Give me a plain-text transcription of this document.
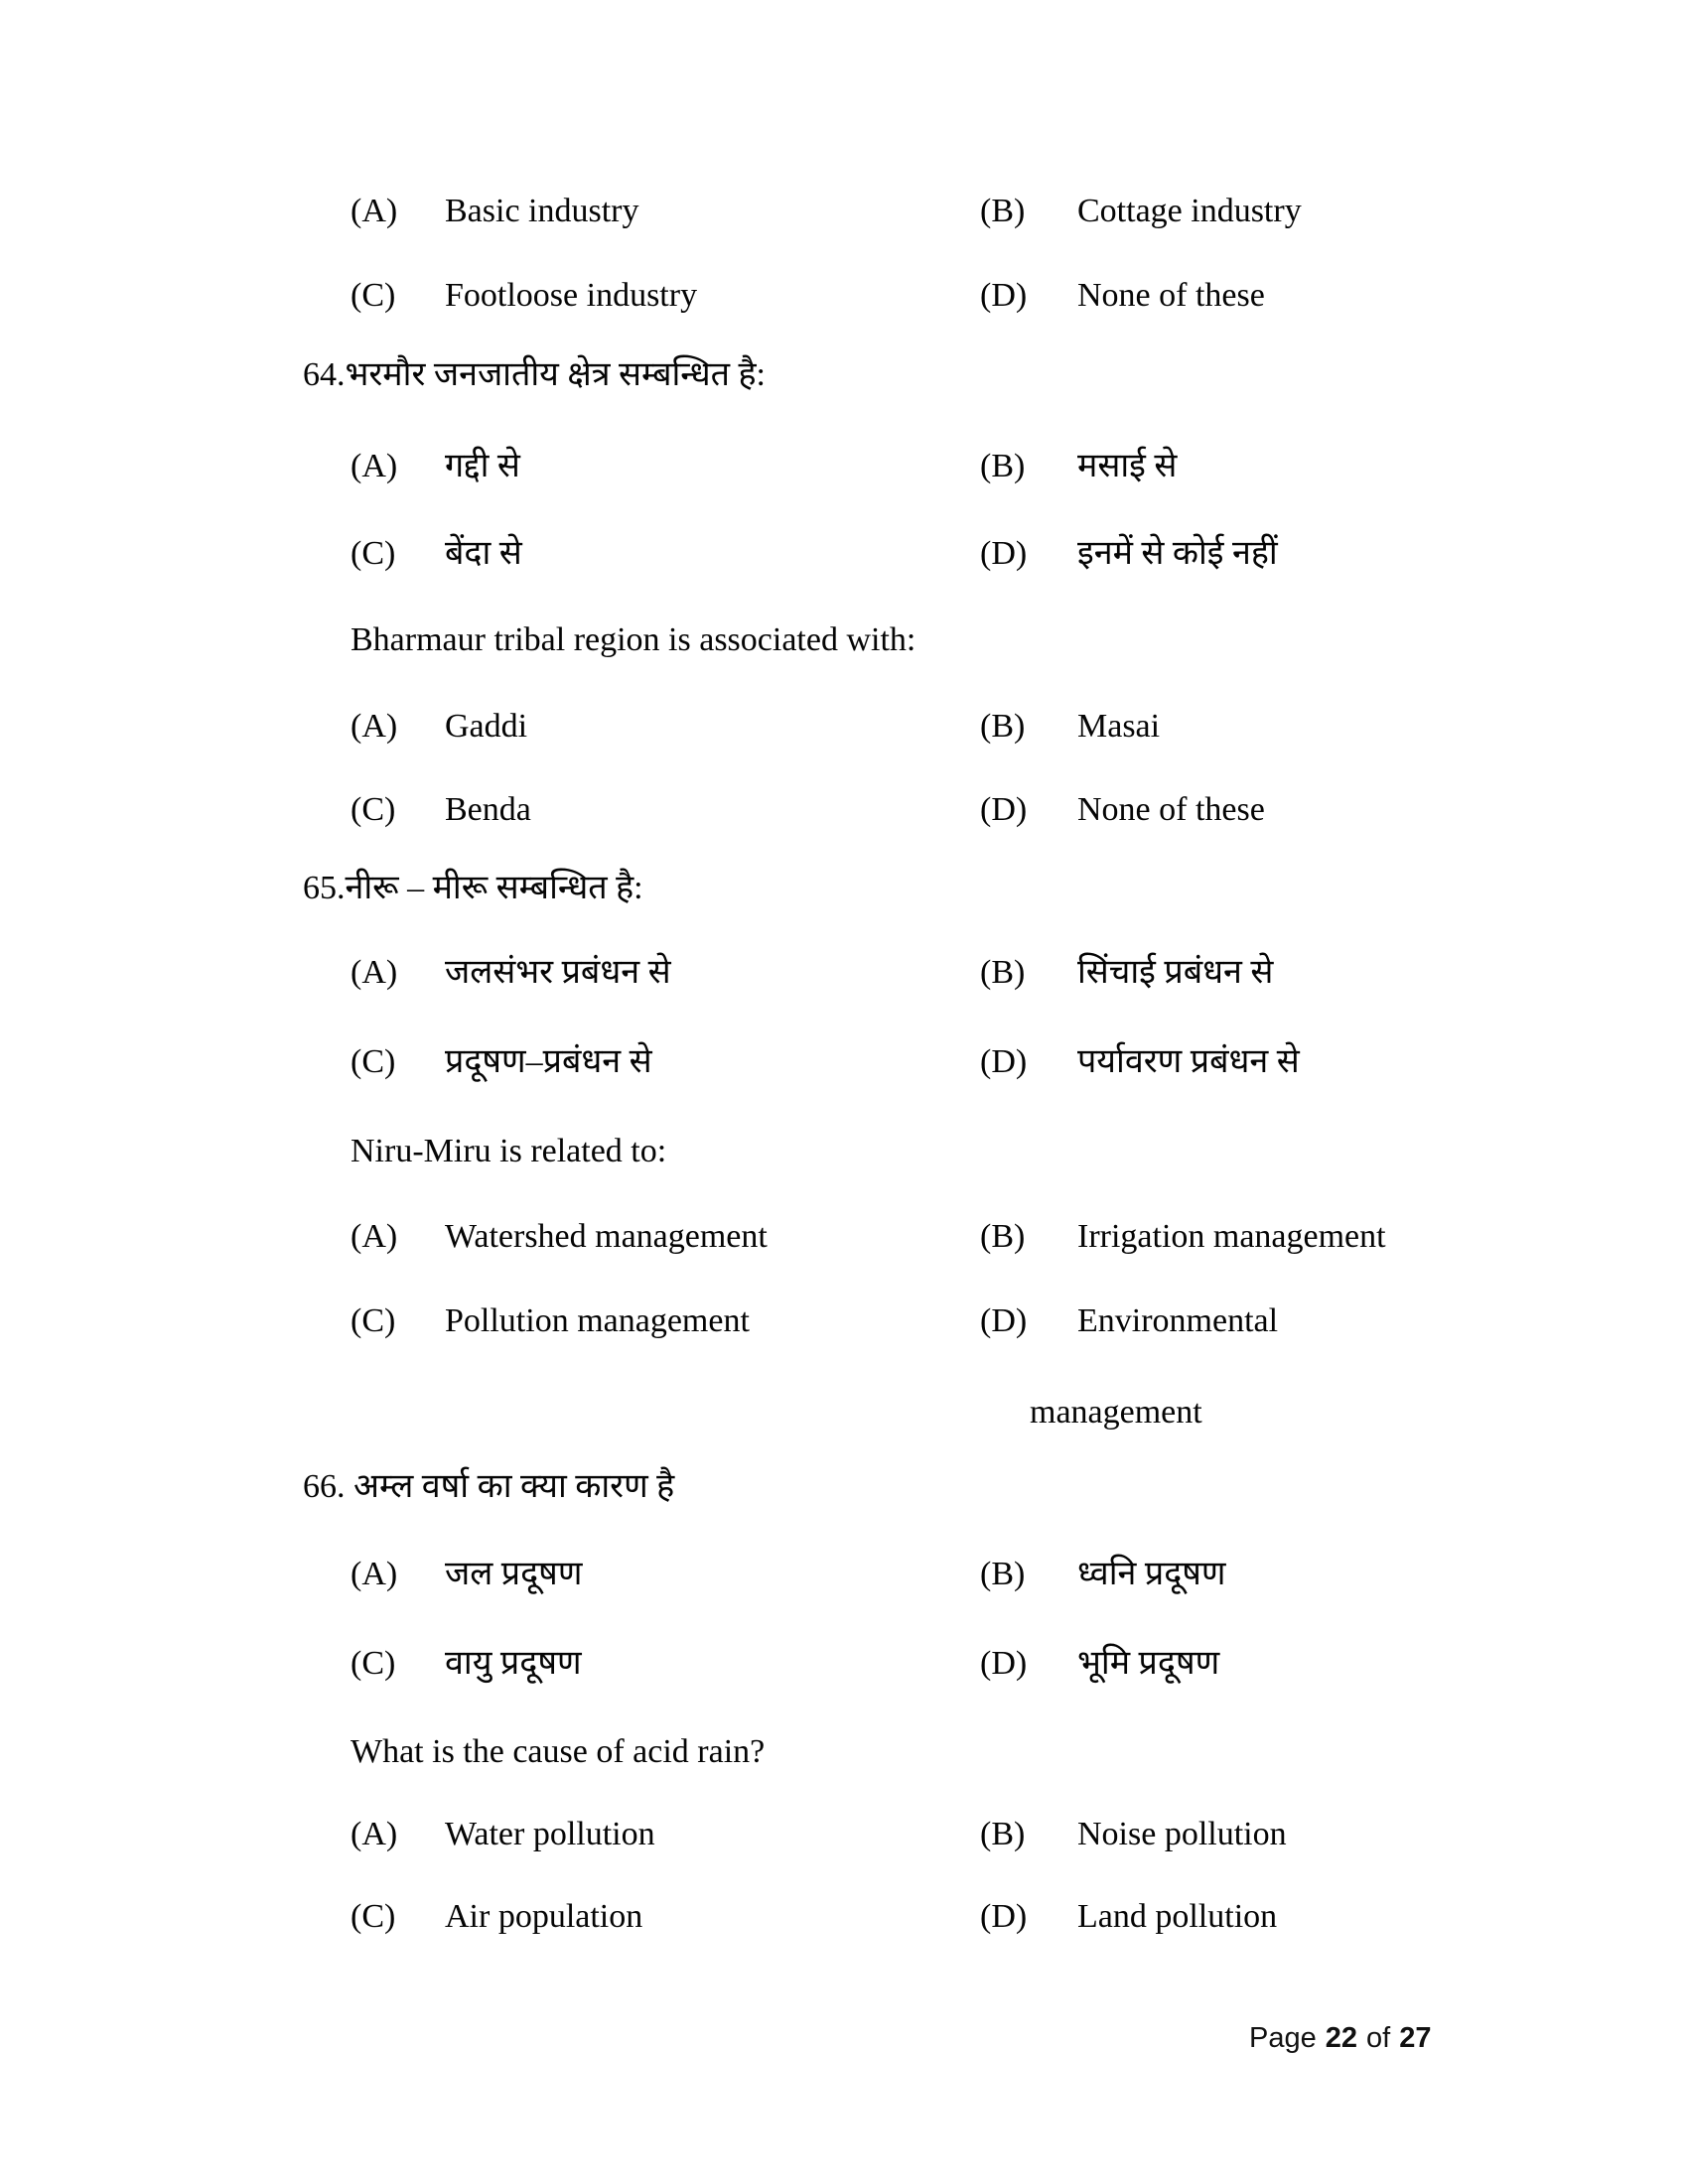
(A) Basic industry	(B) Cottage industry
(C) Footloose industry	(D) None of these
64.भरमौर जनजातीय क्षेत्र सम्बन्धित है:
(A) गद्दी से	(B) मसाई से
(C) बेंदा से	(D) इनमें से कोई नहीं
Bharmaur tribal region is associated with:
(A) Gaddi	(B) Masai
(C) Benda	(D) None of these
65.नीरू – मीरू सम्बन्धित है:
(A) जलसंभर प्रबंधन से	(B) सिंचाई प्रबंधन से
(C) प्रदूषण–प्रबंधन से	(D) पर्यावरण प्रबंधन से
Niru-Miru is related to:
(A) Watershed management	(B) Irrigation management
(C) Pollution management	(D) Environmental
management
66. अम्ल वर्षा का क्या कारण है
(A) जल प्रदूषण	(B) ध्वनि प्रदूषण
(C) वायु प्रदूषण	(D) भूमि प्रदूषण
What is the cause of acid rain?
(A) Water pollution	(B) Noise pollution
(C) Air population	(D) Land pollution
Page 22 of 27
